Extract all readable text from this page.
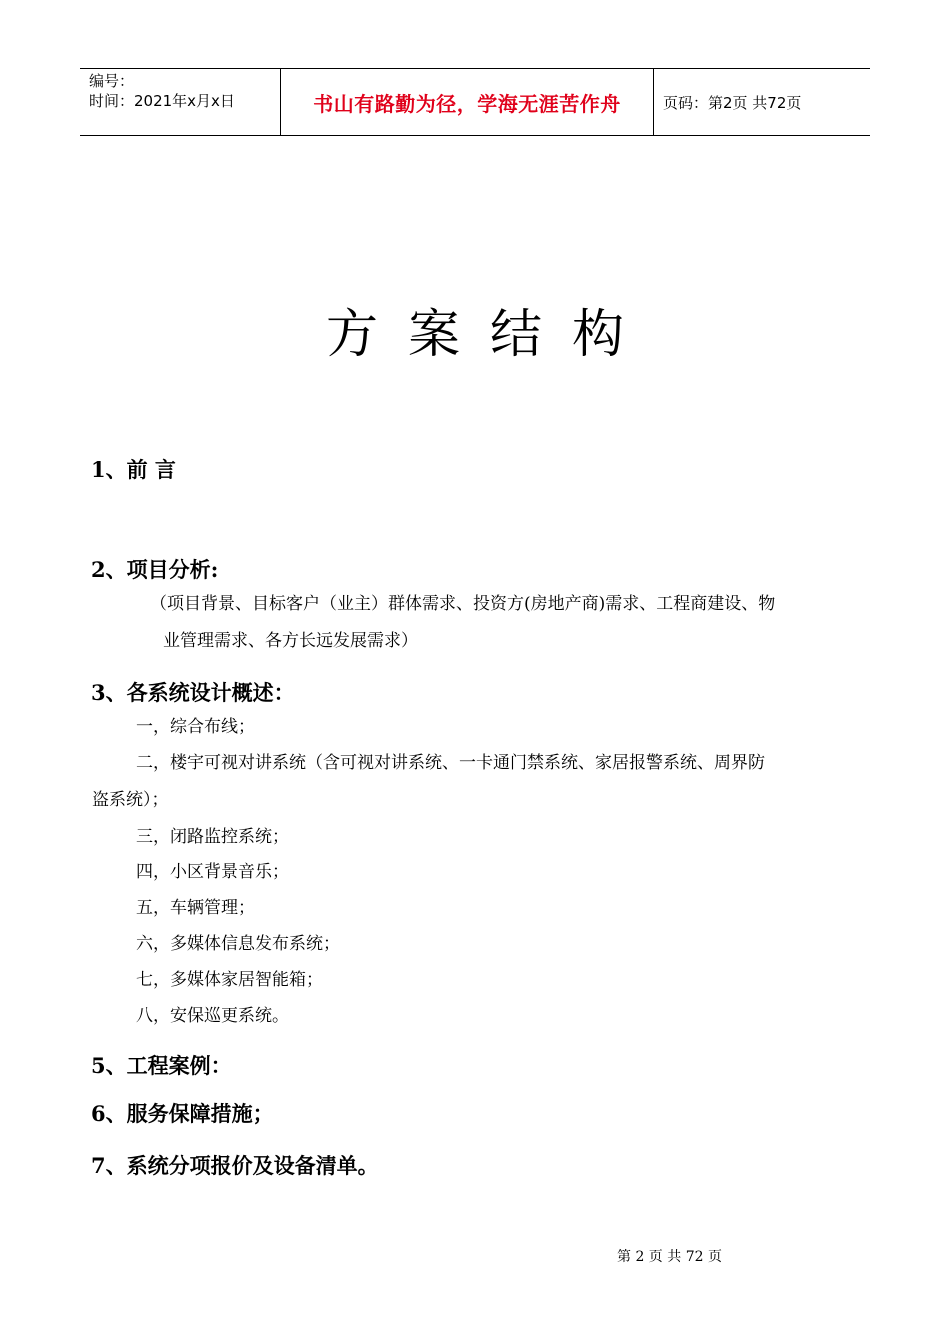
编号：
时间：2021年x月x日	书山有路勤为径，学海无涯苦作舟	页码：第2页 共72页
方案结构
1、前 言
2、项目分析:
（项目背景、目标客户（业主）群体需求、投资方(房地产商)需求、工程商建设、物
业管理需求、各方长远发展需求）
3、各系统设计概述：
一，综合布线；
二，楼宇可视对讲系统（含可视对讲系统、一卡通门禁系统、家居报警系统、周界防
盗系统）；
三，闭路监控系统；
四，小区背景音乐；
五，车辆管理；
六，多媒体信息发布系统；
七，多媒体家居智能箱；
八，安保巡更系统。
5、工程案例：
6、服务保障措施；
7、系统分项报价及设备清单。
第 2 页 共 72 页
